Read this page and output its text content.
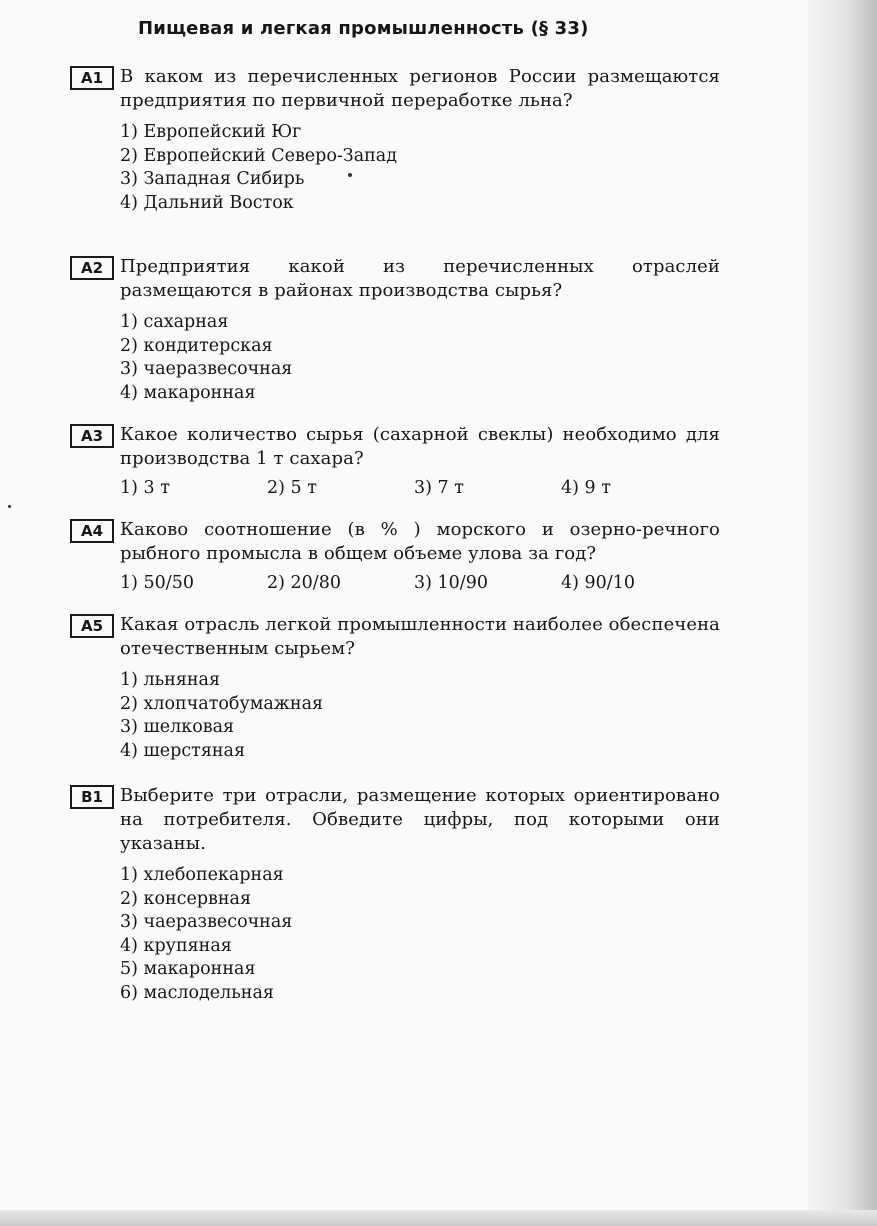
Пищевая и легкая промышленность (§ 33)
А1 В каком из перечисленных регионов России размещаются предприятия по первичной переработке льна?
1) Европейский Юг
2) Европейский Северо-Запад
3) Западная Сибирь
4) Дальний Восток
А2 Предприятия какой из перечисленных отраслей размещаются в районах производства сырья?
1) сахарная
2) кондитерская
3) чаеразвесочная
4) макаронная
А3 Какое количество сырья (сахарной свеклы) необходимо для производства 1 т сахара?
1) 3 т	2) 5 т	3) 7 т	4) 9 т
А4 Каково соотношение (в % ) морского и озерно-речного рыбного промысла в общем объеме улова за год?
1) 50/50	2) 20/80	3) 10/90	4) 90/10
А5 Какая отрасль легкой промышленности наиболее обеспечена отечественным сырьем?
1) льняная
2) хлопчатобумажная
3) шелковая
4) шерстяная
В1 Выберите три отрасли, размещение которых ориентировано на потребителя. Обведите цифры, под которыми они указаны.
1) хлебопекарная
2) консервная
3) чаеразвесочная
4) крупяная
5) макаронная
6) маслодельная
